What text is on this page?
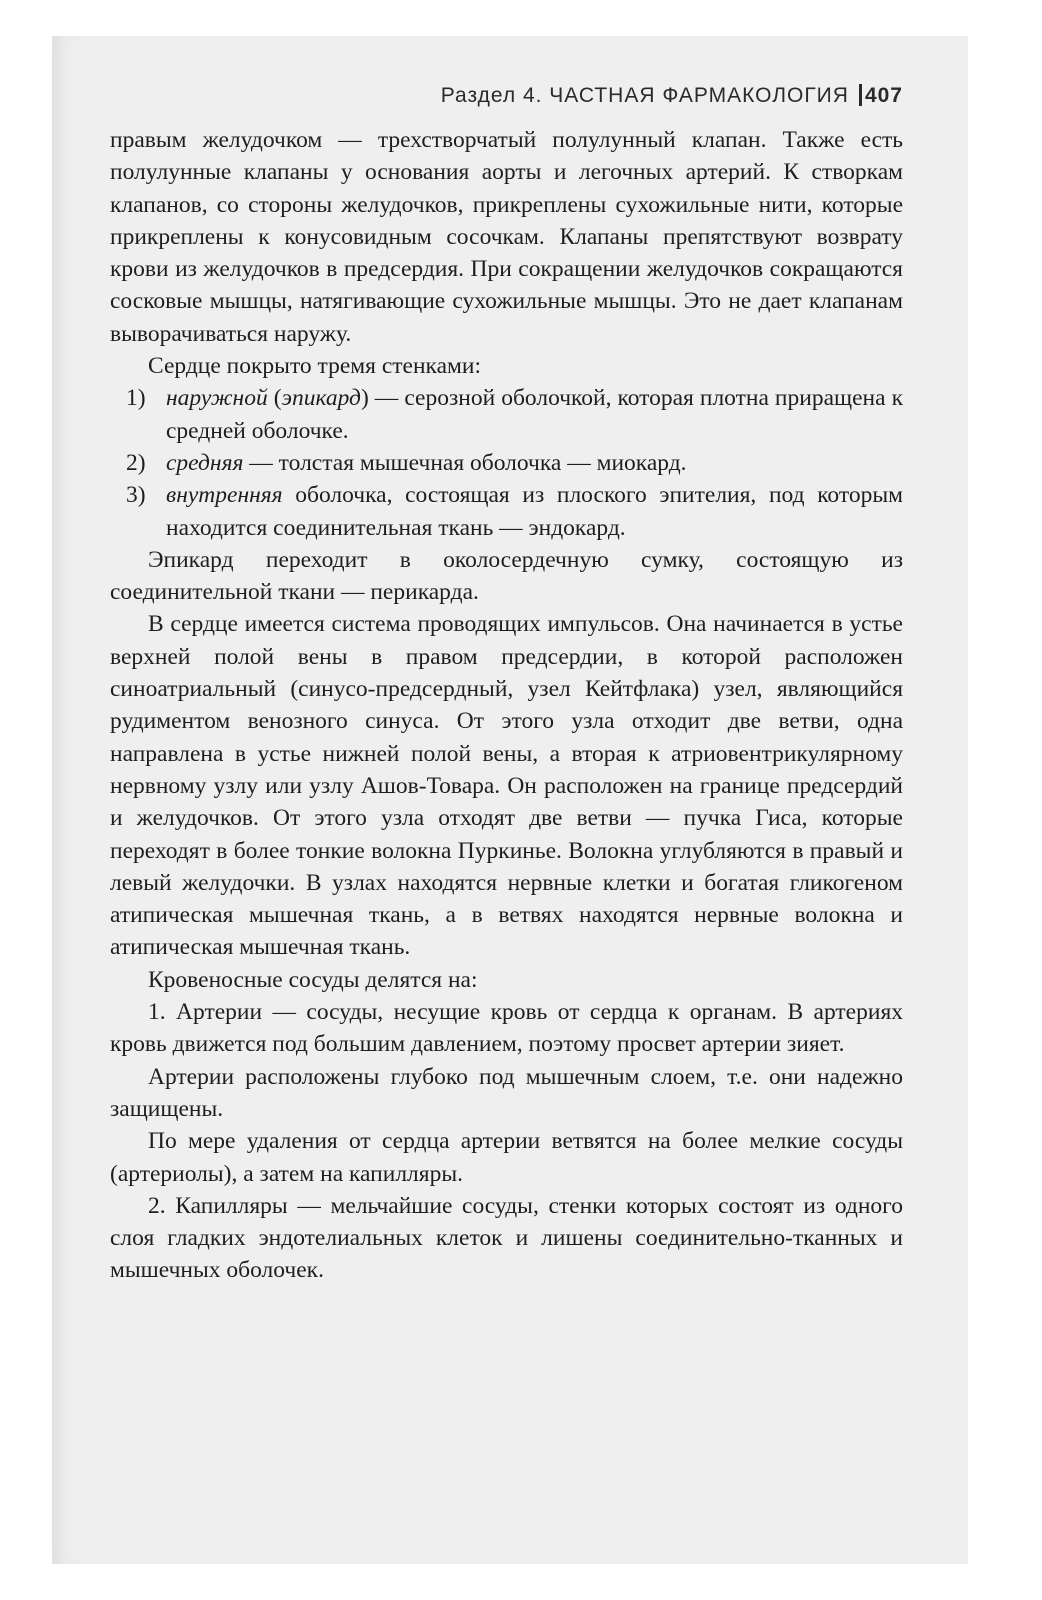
Раздел 4. ЧАСТНАЯ ФАРМАКОЛОГИЯ 407

правым желудочком — трехстворчатый полулунный клапан. Также есть полулунные клапаны у основания аорты и легочных артерий. К створкам клапанов, со стороны желудочков, прикреплены сухожильные нити, которые прикреплены к конусовидным сосочкам. Клапаны препятствуют возврату крови из желудочков в предсердия. При сокращении желудочков сокращаются сосковые мышцы, натягивающие сухожильные мышцы. Это не дает клапанам выворачиваться наружу.

Сердце покрыто тремя стенками:

1) наружной (эпикард) — серозной оболочкой, которая плотна приращена к средней оболочке.
2) средняя — толстая мышечная оболочка — миокард.
3) внутренняя оболочка, состоящая из плоского эпителия, под которым находится соединительная ткань — эндокард.

Эпикард переходит в околосердечную сумку, состоящую из соединительной ткани — перикарда.

В сердце имеется система проводящих импульсов. Она начинается в устье верхней полой вены в правом предсердии, в которой расположен синоатриальный (синусо-предсердный, узел Кейтфлака) узел, являющийся рудиментом венозного синуса. От этого узла отходит две ветви, одна направлена в устье нижней полой вены, а вторая к атриовентрикулярному нервному узлу или узлу Ашов-Товара. Он расположен на границе предсердий и желудочков. От этого узла отходят две ветви — пучка Гиса, которые переходят в более тонкие волокна Пуркинье. Волокна углубляются в правый и левый желудочки. В узлах находятся нервные клетки и богатая гликогеном атипическая мышечная ткань, а в ветвях находятся нервные волокна и атипическая мышечная ткань.

Кровеносные сосуды делятся на:

1. Артерии — сосуды, несущие кровь от сердца к органам. В артериях кровь движется под большим давлением, поэтому просвет артерии зияет.

Артерии расположены глубоко под мышечным слоем, т.е. они надежно защищены.

По мере удаления от сердца артерии ветвятся на более мелкие сосуды (артериолы), а затем на капилляры.

2. Капилляры — мельчайшие сосуды, стенки которых состоят из одного слоя гладких эндотелиальных клеток и лишены соединительно-тканных и мышечных оболочек.
